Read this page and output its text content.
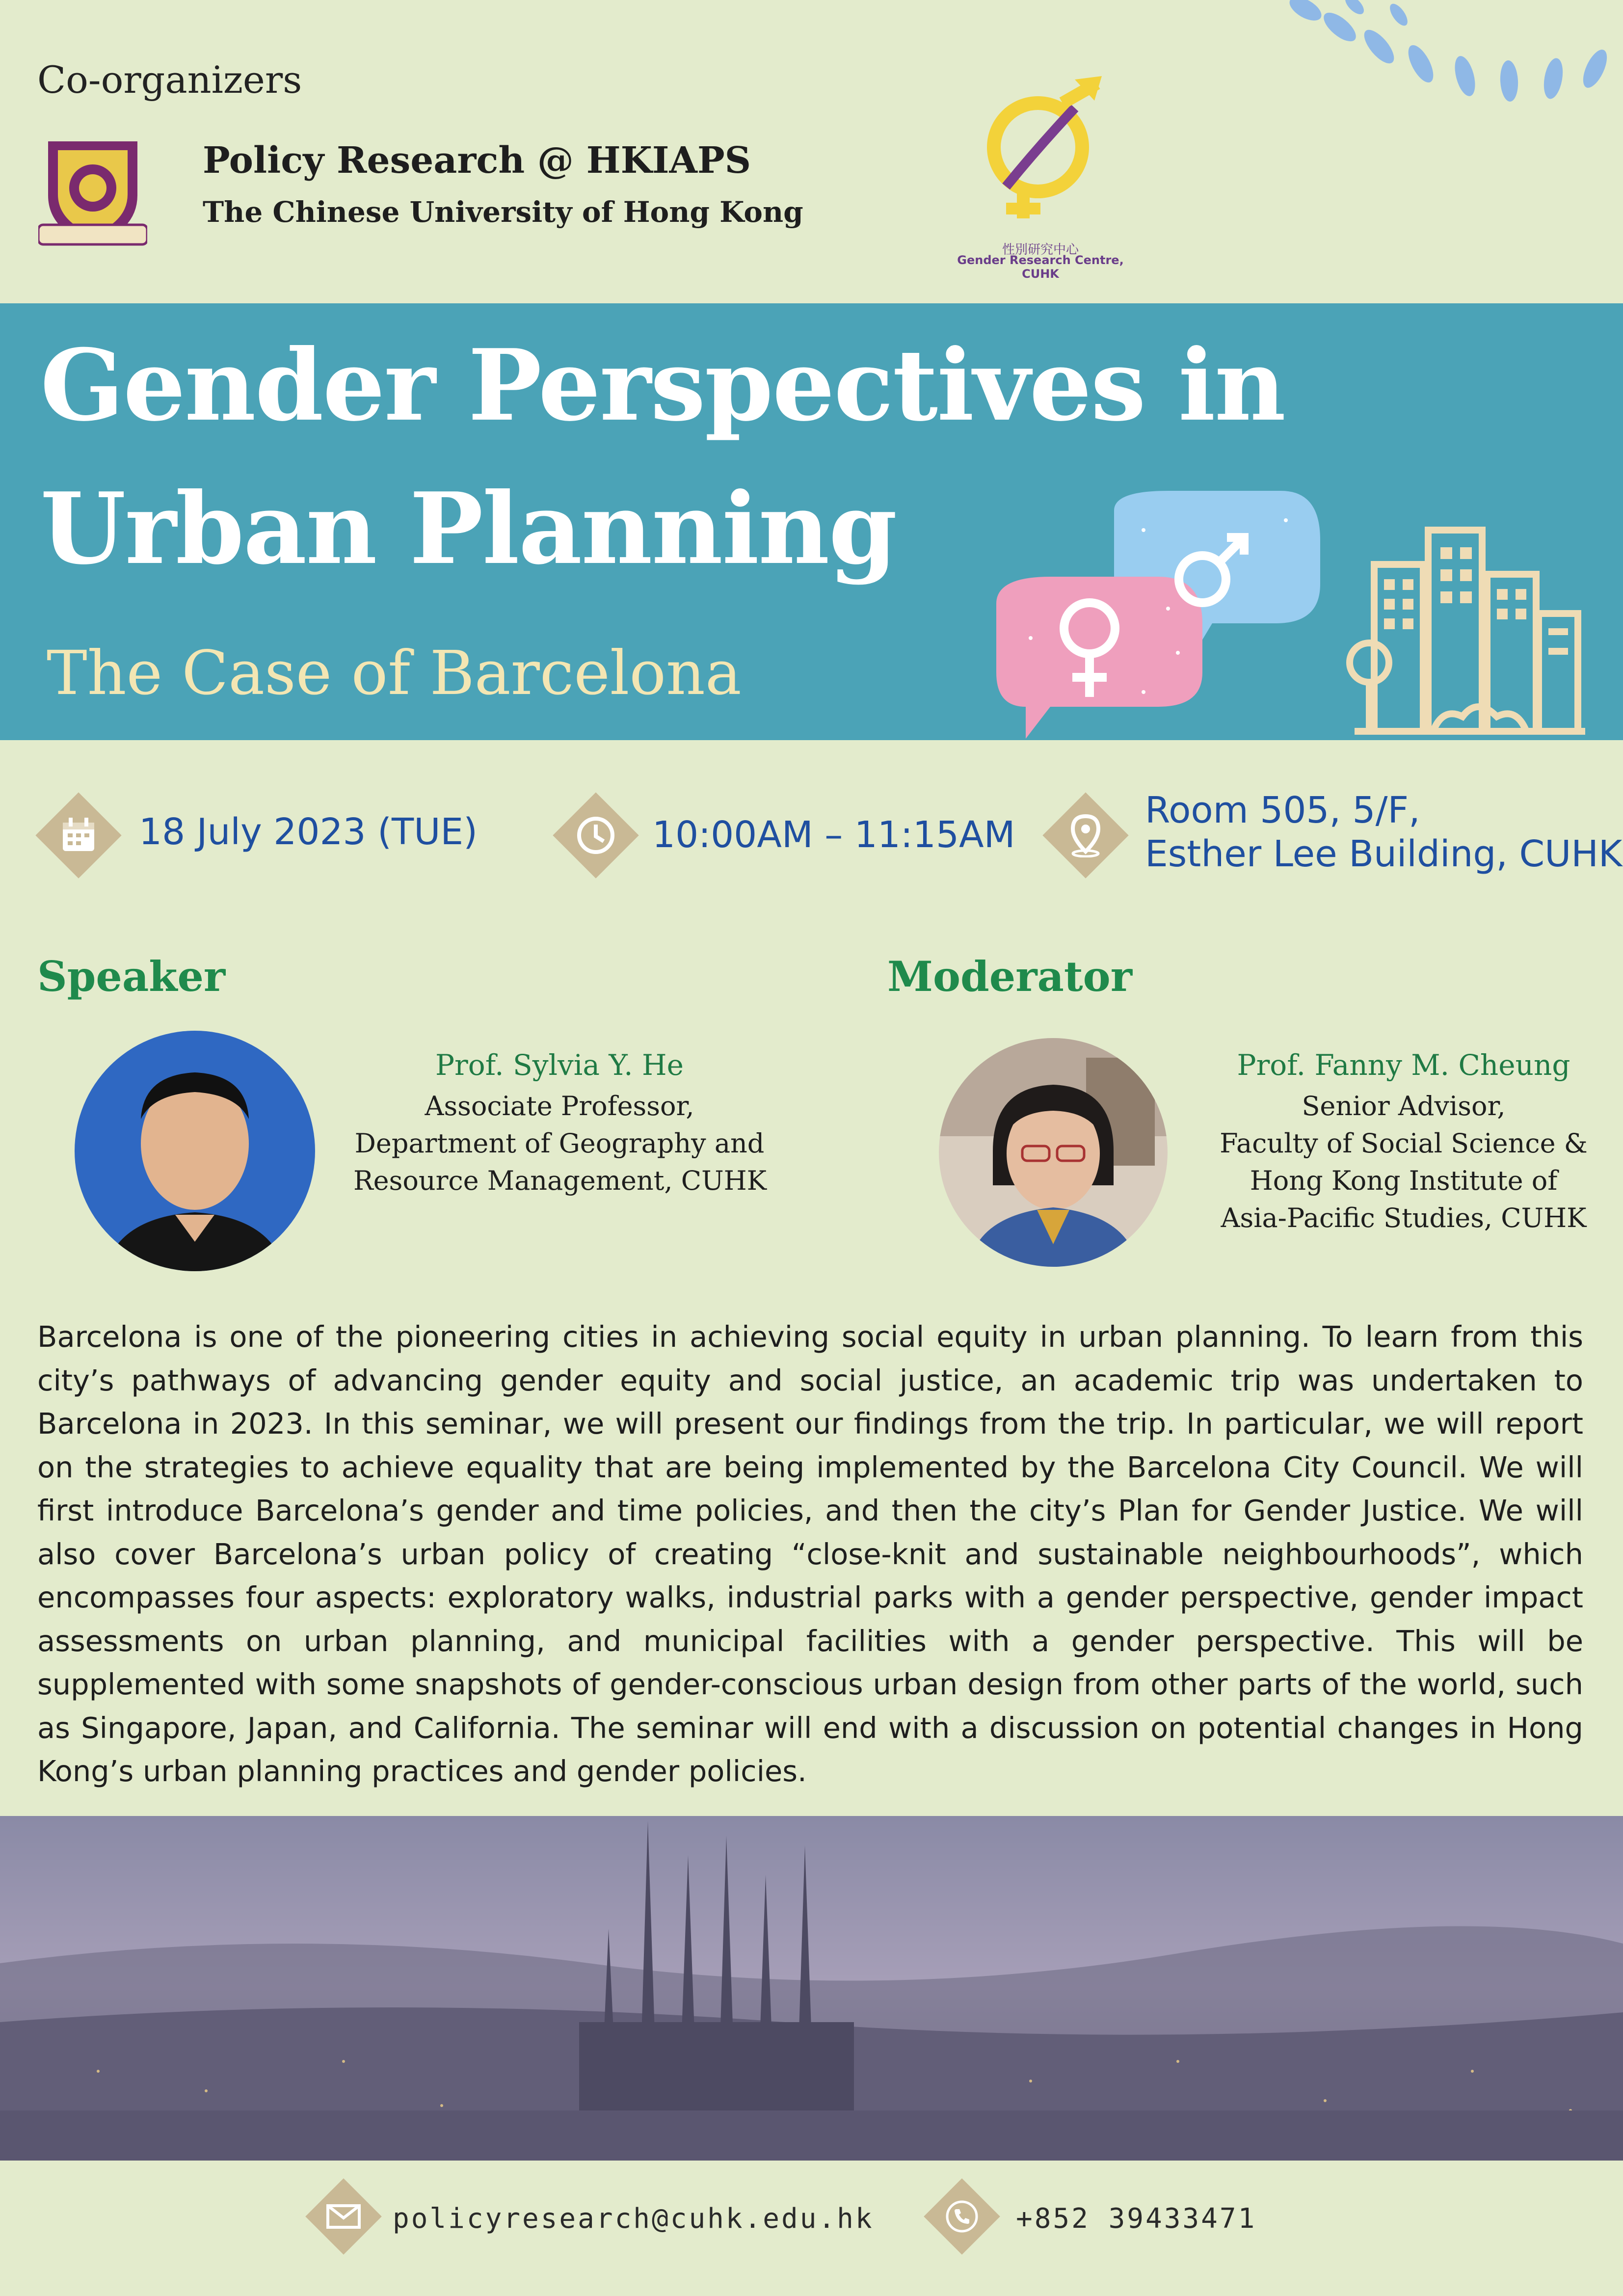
Co-organizers
Policy Research @ HKIAPS
The Chinese University of Hong Kong
性別研究中心
Gender Research Centre, CUHK
Gender Perspectives in
Urban Planning
The Case of Barcelona
18 July 2023 (TUE)	10:00AM – 11:15AM
Room 505, 5/F,
Esther Lee Building, CUHK
Speaker
Prof. Sylvia Y. He
Associate Professor,
Department of Geography and
Resource Management, CUHK
Moderator
Prof. Fanny M. Cheung
Senior Advisor,
Faculty of Social Science &
Hong Kong Institute of
Asia-Pacific Studies, CUHK
Barcelona is one of the pioneering cities in achieving social equity in urban planning. To learn from this city’s pathways of advancing gender equity and social justice, an academic trip was undertaken to Barcelona in 2023. In this seminar, we will present our findings from the trip. In particular, we will report on the strategies to achieve equality that are being implemented by the Barcelona City Council. We will first introduce Barcelona’s gender and time policies, and then the city’s Plan for Gender Justice. We will also cover Barcelona’s urban policy of creating “close-knit and sustainable neighbourhoods”, which encompasses four aspects: exploratory walks, industrial parks with a gender perspective, gender impact assessments on urban planning, and municipal facilities with a gender perspective. This will be supplemented with some snapshots of gender-conscious urban design from other parts of the world, such as Singapore, Japan, and California. The seminar will end with a discussion on potential changes in Hong Kong’s urban planning practices and gender policies.
policyresearch@cuhk.edu.hk	+852 39433471
